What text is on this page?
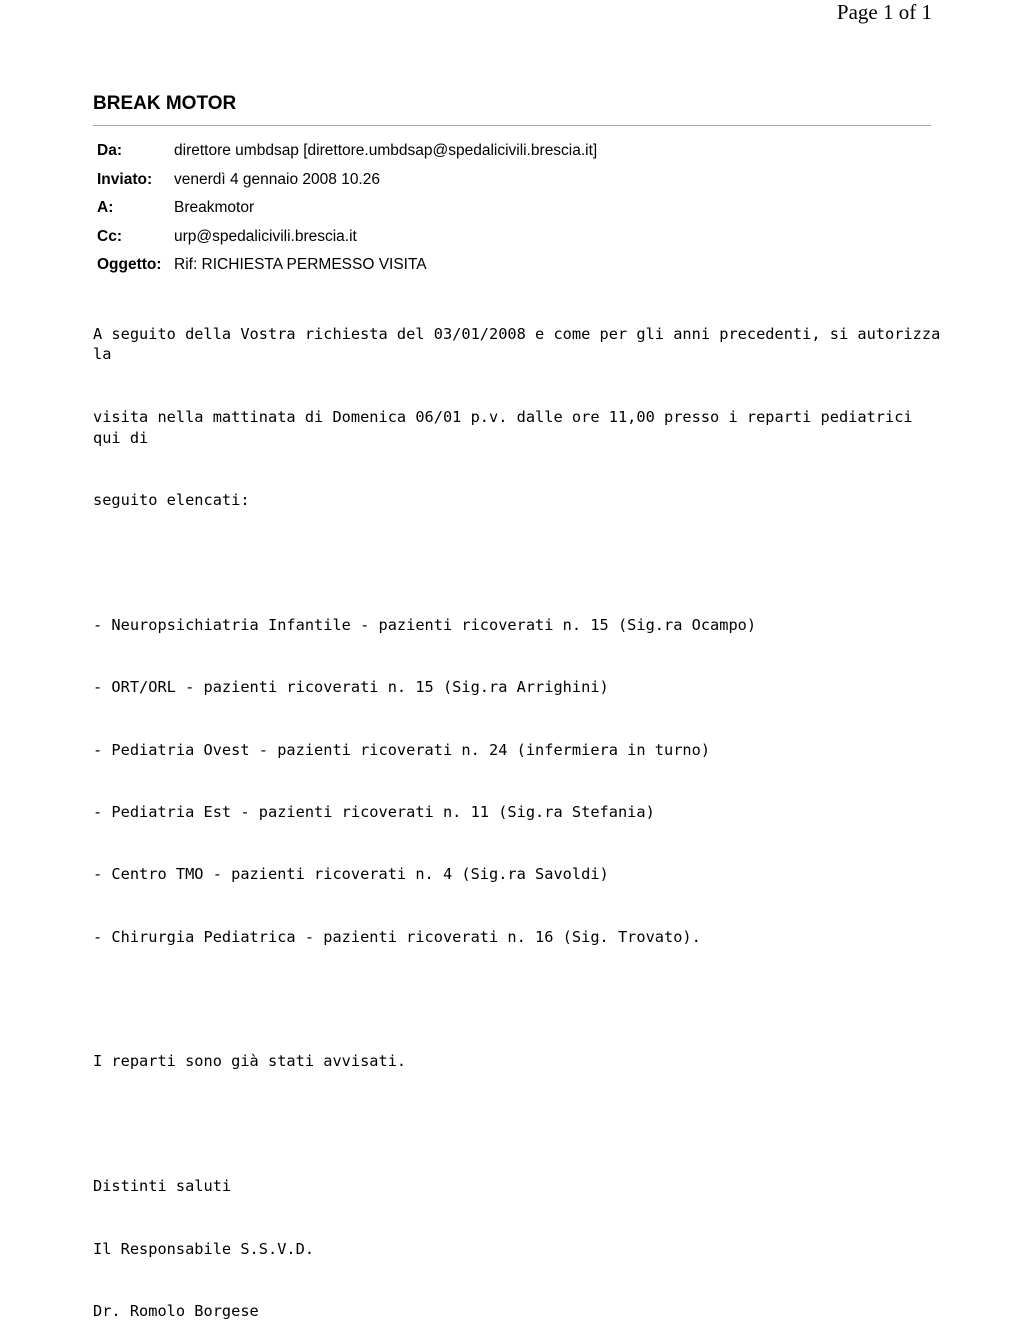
Page 1 of 1
BREAK MOTOR
Da:	direttore umbdsap [direttore.umbdsap@spedalicivili.brescia.it]
Inviato:	venerdì 4 gennaio 2008 10.26
A:	Breakmotor
Cc:	urp@spedalicivili.brescia.it
Oggetto: Rif: RICHIESTA PERMESSO VISITA

A seguito della Vostra richiesta del 03/01/2008 e come per gli anni precedenti, si autorizza la

visita nella mattinata di Domenica 06/01 p.v. dalle ore 11,00 presso i reparti pediatrici qui di

seguito elencati:

- Neuropsichiatria Infantile - pazienti ricoverati n. 15 (Sig.ra Ocampo)

- ORT/ORL - pazienti ricoverati n. 15 (Sig.ra Arrighini)

- Pediatria Ovest - pazienti ricoverati n. 24 (infermiera in turno)

- Pediatria Est - pazienti ricoverati n. 11 (Sig.ra Stefania)

- Centro TMO - pazienti ricoverati n. 4 (Sig.ra Savoldi)

- Chirurgia Pediatrica - pazienti ricoverati n. 16 (Sig. Trovato).

I reparti sono già stati avvisati.

Distinti saluti

Il Responsabile S.S.V.D.

Dr. Romolo Borgese
